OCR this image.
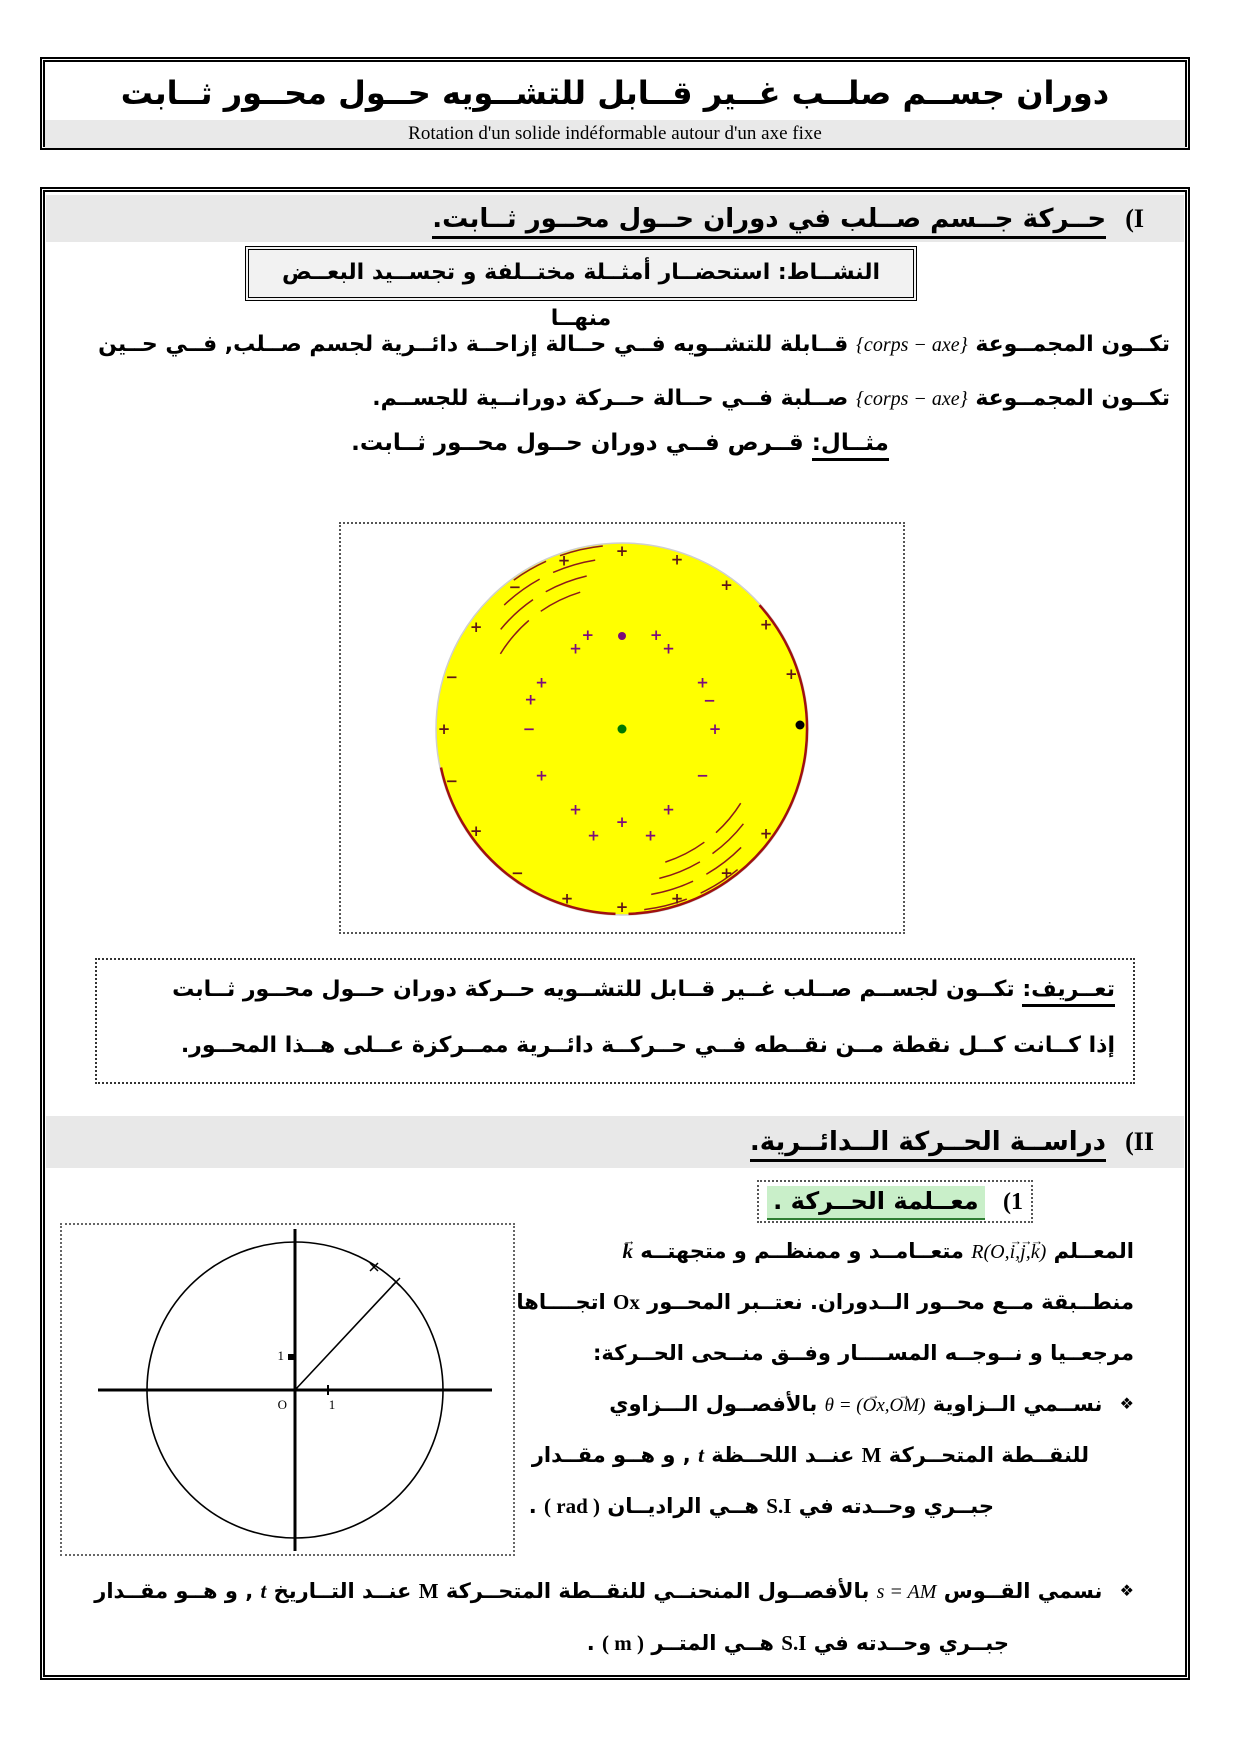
دوران جســم صلــب غــير قــابل للتشــويه حــول محــور ثــابت
Rotation d'un solide indéformable autour d'un axe fixe
(I حــركة جــسم صــلب في دوران حــول محــور ثــابت.
النشــاط: استحضــار أمثــلة مختــلفة و تجســيد البعــض منهــا
تكــون المجمــوعة {corps − axe} قــابلة للتشــويه فــي حــالة إزاحــة دائــرية لجسم صــلب, فــي حــين
تكــون المجمــوعة {corps − axe} صــلبة فــي حــالة حــركة دورانــية للجســم.
مثــال: قــرص فــي دوران حــول محــور ثــابت.
+	+
+
+
−
+
+
+
−
+
−
+
−
+	+	+
+
+
+
+
+
+
+
−
+
+
+
+
−
+
+
+	+
−
+
تعــريف: تكــون لجســم صــلب غــير قــابل للتشــويه حــركة دوران حــول محــور ثــابت
إذا كــانت كــل نقطة مــن نقــطه فــي حــركــة دائــرية ممــركزة عــلى هــذا المحــور.
(II دراســة الحــركة الــدائــرية.
(1 معــلمة الحــركة .
1
1
O
المعــلم R(O,i →,j →,k →) متعــامــد و ممنظــم و متجهتــه k →
منطــبقة مــع محــور الــدوران. نعتــبر المحــور Ox اتجــــاها
مرجعــيا و نــوجــه المســــار وفــق منــحى الحــركة:
❖ نســمي الــزاوية θ = (Ox →,OM →) بالأفصــول الـــزاوي
للنقــطة المتحــركة M عنــد اللحــظة t , و هــو مقــدار
جبــري وحــدته في S.I هــي الراديــان ( rad ) .
❖ نسمي القــوس s = AM بالأفصــول المنحنــي للنقــطة المتحــركة M عنــد التــاريخ t , و هــو مقــدار
جبــري وحــدته في S.I هــي المتــر ( m ) .
